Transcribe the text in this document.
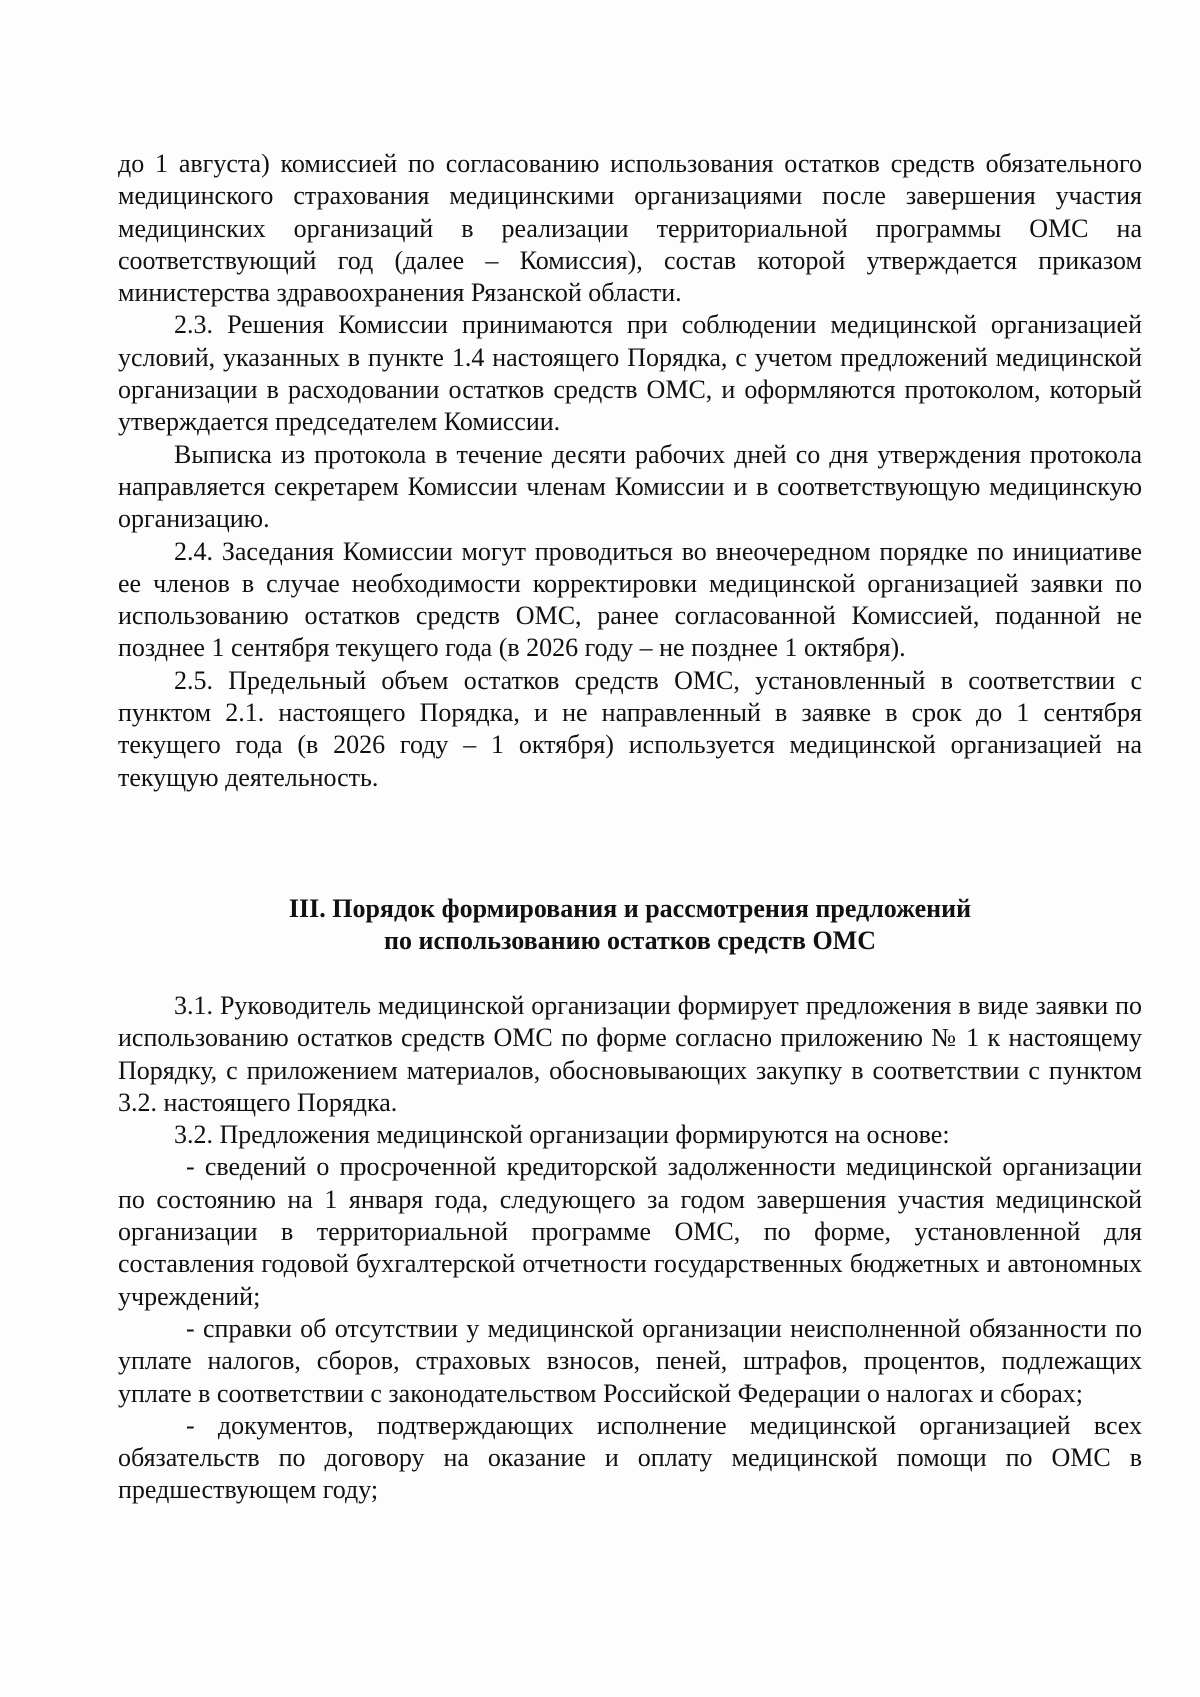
до 1 августа) комиссией по согласованию использования остатков средств обязательного медицинского страхования медицинскими организациями после завершения участия медицинских организаций в реализации территориальной программы ОМС на соответствующий год (далее – Комиссия), состав которой утверждается приказом министерства здравоохранения Рязанской области.

2.3. Решения Комиссии принимаются при соблюдении медицинской организацией условий, указанных в пункте 1.4 настоящего Порядка, с учетом предложений медицинской организации в расходовании остатков средств ОМС, и оформляются протоколом, который утверждается председателем Комиссии.

Выписка из протокола в течение десяти рабочих дней со дня утверждения протокола направляется секретарем Комиссии членам Комиссии и в соответствующую медицинскую организацию.

2.4. Заседания Комиссии могут проводиться во внеочередном порядке по инициативе ее членов в случае необходимости корректировки медицинской организацией заявки по использованию остатков средств ОМС, ранее согласованной Комиссией, поданной не позднее 1 сентября текущего года (в 2026 году – не позднее 1 октября).

2.5. Предельный объем остатков средств ОМС, установленный в соответствии с пунктом 2.1. настоящего Порядка, и не направленный в заявке в срок до 1 сентября текущего года (в 2026 году – 1 октября) используется медицинской организацией на текущую деятельность.

III. Порядок формирования и рассмотрения предложений
по использованию остатков средств ОМС

3.1. Руководитель медицинской организации формирует предложения в виде заявки по использованию остатков средств ОМС по форме согласно приложению № 1 к настоящему Порядку, с приложением материалов, обосновывающих закупку в соответствии с пунктом 3.2. настоящего Порядка.

3.2. Предложения медицинской организации формируются на основе:

- сведений о просроченной кредиторской задолженности медицинской организации по состоянию на 1 января года, следующего за годом завершения участия медицинской организации в территориальной программе ОМС, по форме, установленной для составления годовой бухгалтерской отчетности государственных бюджетных и автономных учреждений;

- справки об отсутствии у медицинской организации неисполненной обязанности по уплате налогов, сборов, страховых взносов, пеней, штрафов, процентов, подлежащих уплате в соответствии с законодательством Российской Федерации о налогах и сборах;

- документов, подтверждающих исполнение медицинской организацией всех обязательств по договору на оказание и оплату медицинской помощи по ОМС в предшествующем году;
